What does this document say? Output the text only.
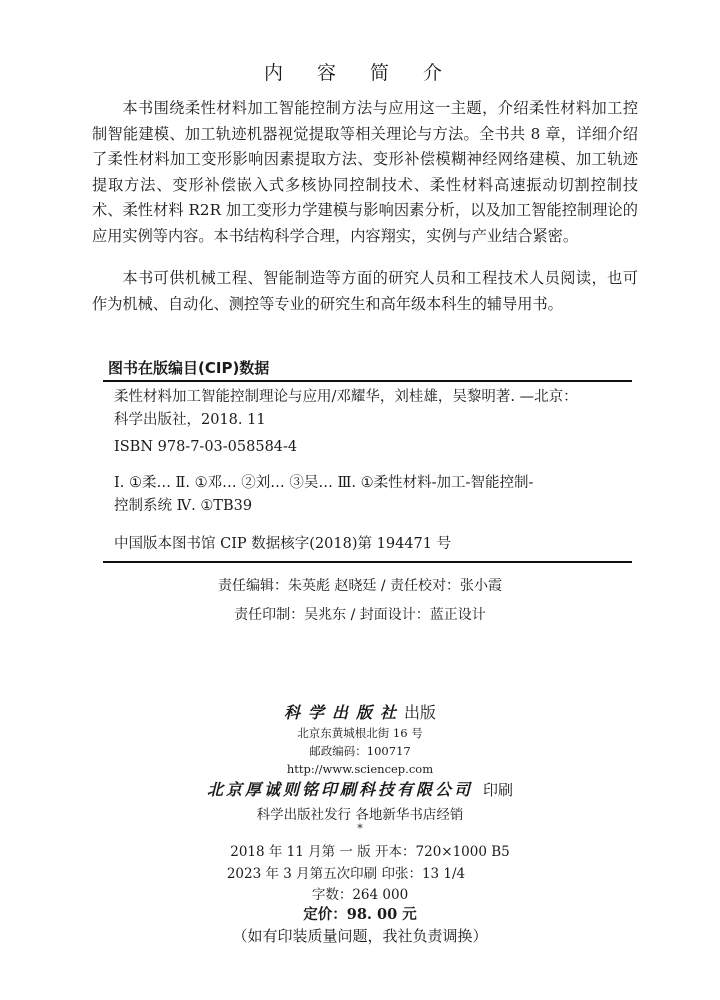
内 容 简 介

本书围绕柔性材料加工智能控制方法与应用这一主题，介绍柔性材料加工控制智能建模、加工轨迹机器视觉提取等相关理论与方法。全书共 8 章，详细介绍了柔性材料加工变形影响因素提取方法、变形补偿模糊神经网络建模、加工轨迹提取方法、变形补偿嵌入式多核协同控制技术、柔性材料高速振动切割控制技术、柔性材料 R2R 加工变形力学建模与影响因素分析，以及加工智能控制理论的应用实例等内容。本书结构科学合理，内容翔实，实例与产业结合紧密。

本书可供机械工程、智能制造等方面的研究人员和工程技术人员阅读，也可作为机械、自动化、测控等专业的研究生和高年级本科生的辅导用书。

图书在版编目(CIP)数据
柔性材料加工智能控制理论与应用/邓耀华，刘桂雄，吴黎明著. —北京：
科学出版社，2018. 11
ISBN 978-7-03-058584-4
Ⅰ. ①柔… Ⅱ. ①邓… ②刘… ③吴… Ⅲ. ①柔性材料-加工-智能控制-
控制系统 Ⅳ. ①TB39
中国版本图书馆 CIP 数据核字(2018)第 194471 号
责任编辑：朱英彪 赵晓廷 / 责任校对：张小霞
责任印制：吴兆东 / 封面设计：蓝正设计
科学出版社出版
北京东黄城根北街 16 号
邮政编码：100717
http://www.sciencep.com
北京厚诚则铭印刷科技有限公司 印刷
科学出版社发行 各地新华书店经销
*
2018 年 11 月第 一 版 开本：720×1000 B5
2023 年 3 月第五次印刷 印张：13 1/4
字数：264 000
定价：98. 00 元
（如有印装质量问题，我社负责调换）
